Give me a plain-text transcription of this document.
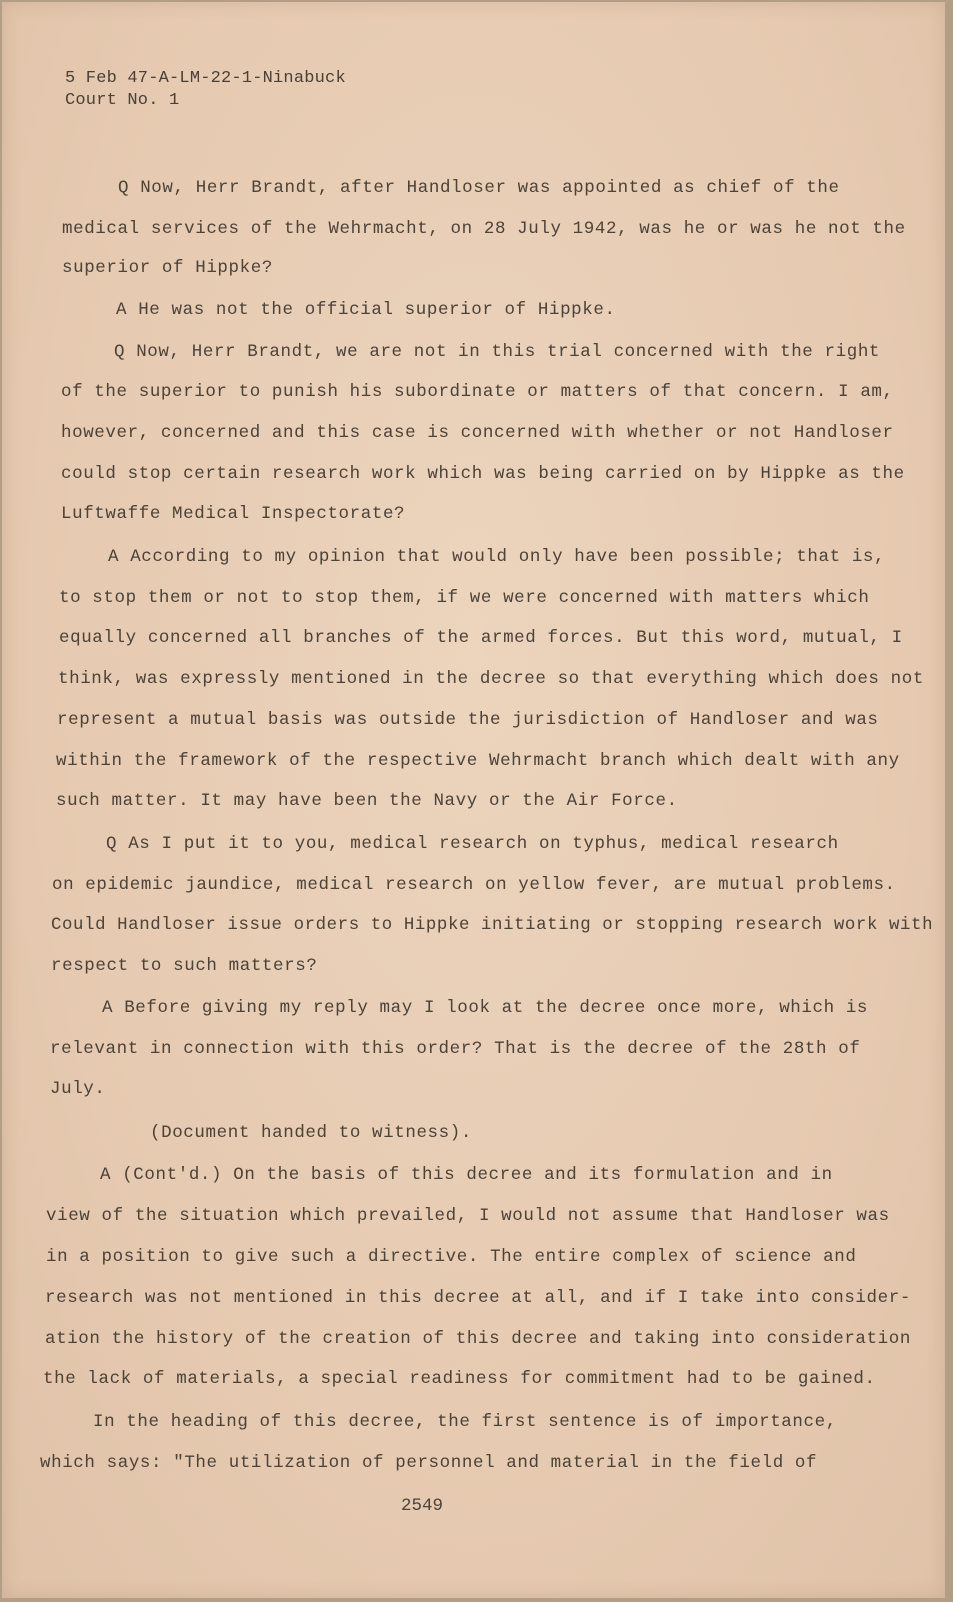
5 Feb 47-A-LM-22-1-Ninabuck
Court No. 1
Q Now, Herr Brandt, after Handloser was appointed as chief of the
medical services of the Wehrmacht, on 28 July 1942, was he or was he not the
superior of Hippke?
A He was not the official superior of Hippke.
Q Now, Herr Brandt, we are not in this trial concerned with the right
of the superior to punish his subordinate or matters of that concern. I am,
however, concerned and this case is concerned with whether or not Handloser
could stop certain research work which was being carried on by Hippke as the
Luftwaffe Medical Inspectorate?
A According to my opinion that would only have been possible; that is,
to stop them or not to stop them, if we were concerned with matters which
equally concerned all branches of the armed forces. But this word, mutual, I
think, was expressly mentioned in the decree so that everything which does not
represent a mutual basis was outside the jurisdiction of Handloser and was
within the framework of the respective Wehrmacht branch which dealt with any
such matter. It may have been the Navy or the Air Force.
Q As I put it to you, medical research on typhus, medical research
on epidemic jaundice, medical research on yellow fever, are mutual problems.
Could Handloser issue orders to Hippke initiating or stopping research work with
respect to such matters?
A Before giving my reply may I look at the decree once more, which is
relevant in connection with this order? That is the decree of the 28th of
July.
(Document handed to witness).
A (Cont'd.) On the basis of this decree and its formulation and in
view of the situation which prevailed, I would not assume that Handloser was
in a position to give such a directive. The entire complex of science and
research was not mentioned in this decree at all, and if I take into consider-
ation the history of the creation of this decree and taking into consideration
the lack of materials, a special readiness for commitment had to be gained.
In the heading of this decree, the first sentence is of importance,
which says: "The utilization of personnel and material in the field of
2549
